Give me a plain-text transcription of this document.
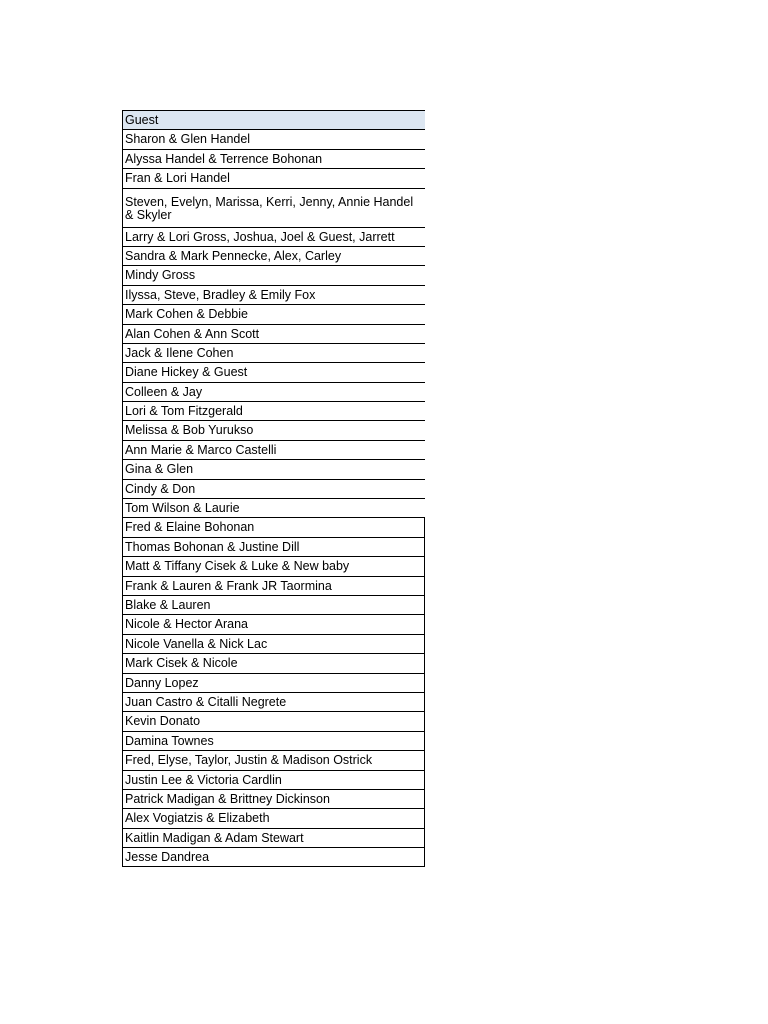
Guest
Sharon & Glen Handel
Alyssa Handel & Terrence Bohonan
Fran & Lori Handel
Steven, Evelyn, Marissa, Kerri, Jenny, Annie Handel & Skyler
Larry & Lori Gross, Joshua, Joel & Guest, Jarrett
Sandra & Mark Pennecke, Alex, Carley
Mindy Gross
Ilyssa, Steve, Bradley & Emily Fox
Mark Cohen & Debbie
Alan Cohen & Ann Scott
Jack & Ilene Cohen
Diane Hickey & Guest
Colleen & Jay
Lori & Tom Fitzgerald
Melissa & Bob Yurukso
Ann Marie & Marco Castelli
Gina & Glen
Cindy & Don
Tom Wilson & Laurie
Fred & Elaine Bohonan
Thomas Bohonan & Justine Dill
Matt & Tiffany Cisek & Luke & New baby
Frank & Lauren & Frank JR Taormina
Blake & Lauren
Nicole & Hector Arana
Nicole Vanella & Nick Lac
Mark Cisek & Nicole
Danny Lopez
Juan Castro & Citalli Negrete
Kevin Donato
Damina Townes
Fred, Elyse, Taylor, Justin & Madison Ostrick
Justin Lee & Victoria Cardlin
Patrick Madigan & Brittney Dickinson
Alex Vogiatzis & Elizabeth
Kaitlin Madigan & Adam Stewart
Jesse Dandrea
